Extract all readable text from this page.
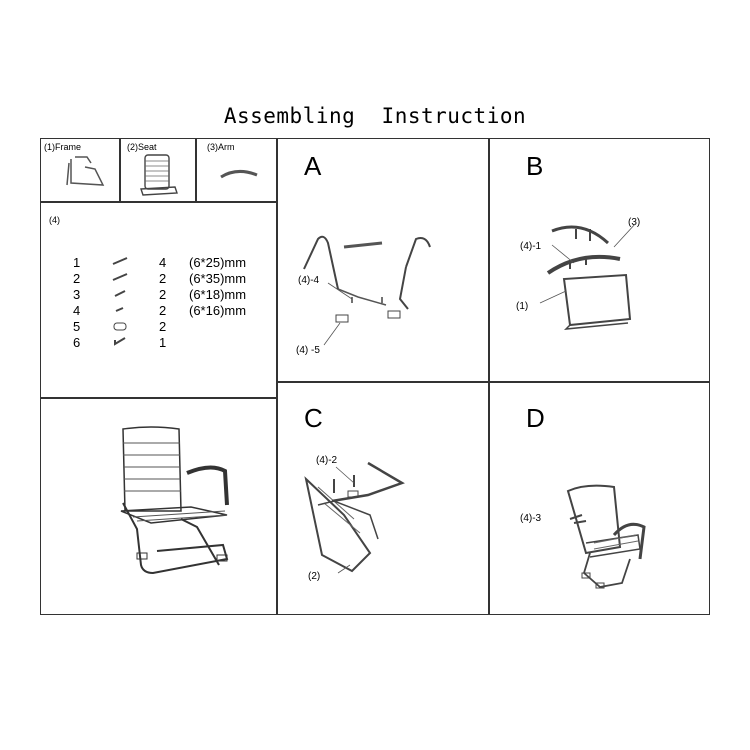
Assembling  Instruction
(1)Frame	(2)Seat	(3)Arm
(4)
1	4 (6*25)mm
2	2 (6*35)mm
3	2 (6*18)mm
4	2 (6*16)mm
5	2
6	1
A
(4)-4
(4) -5
B
(3)
(4)-1
(1)
C
(4)-2
(2)
D
(4)-3
